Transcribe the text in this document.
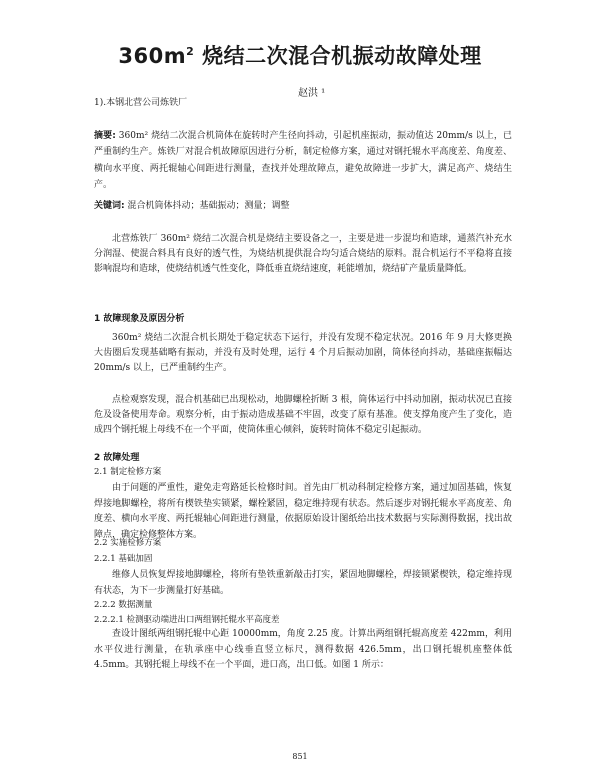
$360m^2$ 烧结二次混合机振动故障处理
赵洪 ¹
1).本钢北营公司炼铁厂
摘要: 360m² 烧结二次混合机筒体在旋转时产生径向抖动，引起机座振动，振动值达 20mm/s 以上，已严重制约生产。炼铁厂对混合机故障原因进行分析，制定检修方案，通过对钢托辊水平高度差、角度差、横向水平度、两托辊轴心间距进行测量，查找并处理故障点，避免故障进一步扩大，满足高产、烧结生产。
关键词: 混合机筒体抖动；基础振动；测量；调整
北营炼铁厂 360m² 烧结二次混合机是烧结主要设备之一，主要是进一步混均和造球，通蒸汽补充水分润湿、使混合料具有良好的透气性，为烧结机提供混合均匀适合烧结的原料。混合机运行不平稳将直接影响混均和造球，使烧结机透气性变化，降低垂直烧结速度，耗能增加，烧结矿产量质量降低。
1 故障现象及原因分析
360m² 烧结二次混合机长期处于稳定状态下运行，并没有发现不稳定状况。2016 年 9 月大修更换大齿圈后发现基础略有振动，并没有及时处理，运行 4 个月后振动加剧，筒体径向抖动，基础座振幅达 20mm/s 以上，已严重制约生产。
点检观察发现，混合机基础已出现松动，地脚螺栓折断 3 根，筒体运行中抖动加剧，振动状况已直接危及设备使用寿命。观察分析，由于振动造成基础不牢固，改变了原有基准。使支撑角度产生了变化，造成四个钢托辊上母线不在一个平面，使筒体重心倾斜，旋转时筒体不稳定引起振动。
2 故障处理
2.1 制定检修方案
由于问题的严重性，避免走弯路延长检修时间。首先由厂机动科制定检修方案，通过加固基础，恢复焊接地脚螺栓，将所有楔铁垫实锁紧，螺栓紧固，稳定维持现有状态。然后逐步对钢托辊水平高度差、角度差、横向水平度、两托辊轴心间距进行测量，依据原始设计图纸给出技术数据与实际测得数据，找出故障点，确定检修整体方案。
2.2 实施检修方案
2.2.1 基础加固
维修人员恢复焊接地脚螺栓，将所有垫铁重新敲击打实，紧固地脚螺栓，焊接锁紧楔铁，稳定维持现有状态，为下一步测量打好基础。
2.2.2 数据测量
2.2.2.1 检测驱动端进出口两组钢托辊水平高度差
查设计图纸两组钢托辊中心距 10000mm，角度 2.25 度。计算出两组钢托辊高度差 422mm，利用水平仪进行测量，在轨承座中心线垂直竖立标尺，测得数据 426.5mm，出口钢托辊机座整体低 4.5mm。其钢托辊上母线不在一个平面，进口高，出口低。如图 1 所示：
851
